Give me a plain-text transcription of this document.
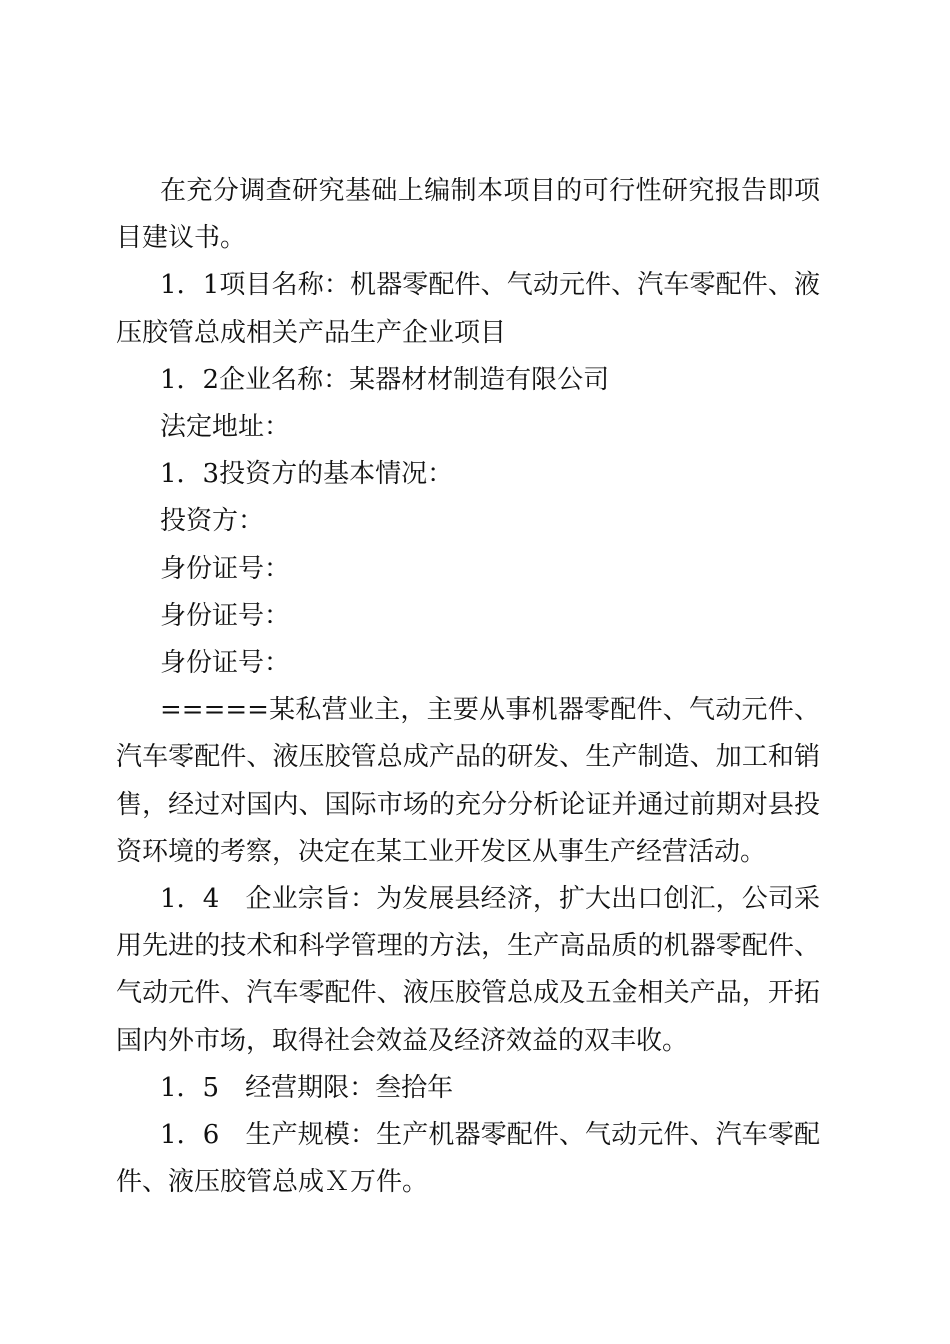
在充分调查研究基础上编制本项目的可行性研究报告即项目建议书。

1．1项目名称：机器零配件、气动元件、汽车零配件、液压胶管总成相关产品生产企业项目

1．2企业名称：某器材材制造有限公司

法定地址：

1．3投资方的基本情况：

投资方：

身份证号：

身份证号：

身份证号：

=====某私营业主，主要从事机器零配件、气动元件、汽车零配件、液压胶管总成产品的研发、生产制造、加工和销售，经过对国内、国际市场的充分分析论证并通过前期对县投资环境的考察，决定在某工业开发区从事生产经营活动。

1．4　企业宗旨：为发展县经济，扩大出口创汇，公司采用先进的技术和科学管理的方法，生产高品质的机器零配件、气动元件、汽车零配件、液压胶管总成及五金相关产品，开拓国内外市场，取得社会效益及经济效益的双丰收。

1．5　经营期限：叁拾年

1．6　生产规模：生产机器零配件、气动元件、汽车零配件、液压胶管总成Ｘ万件。
